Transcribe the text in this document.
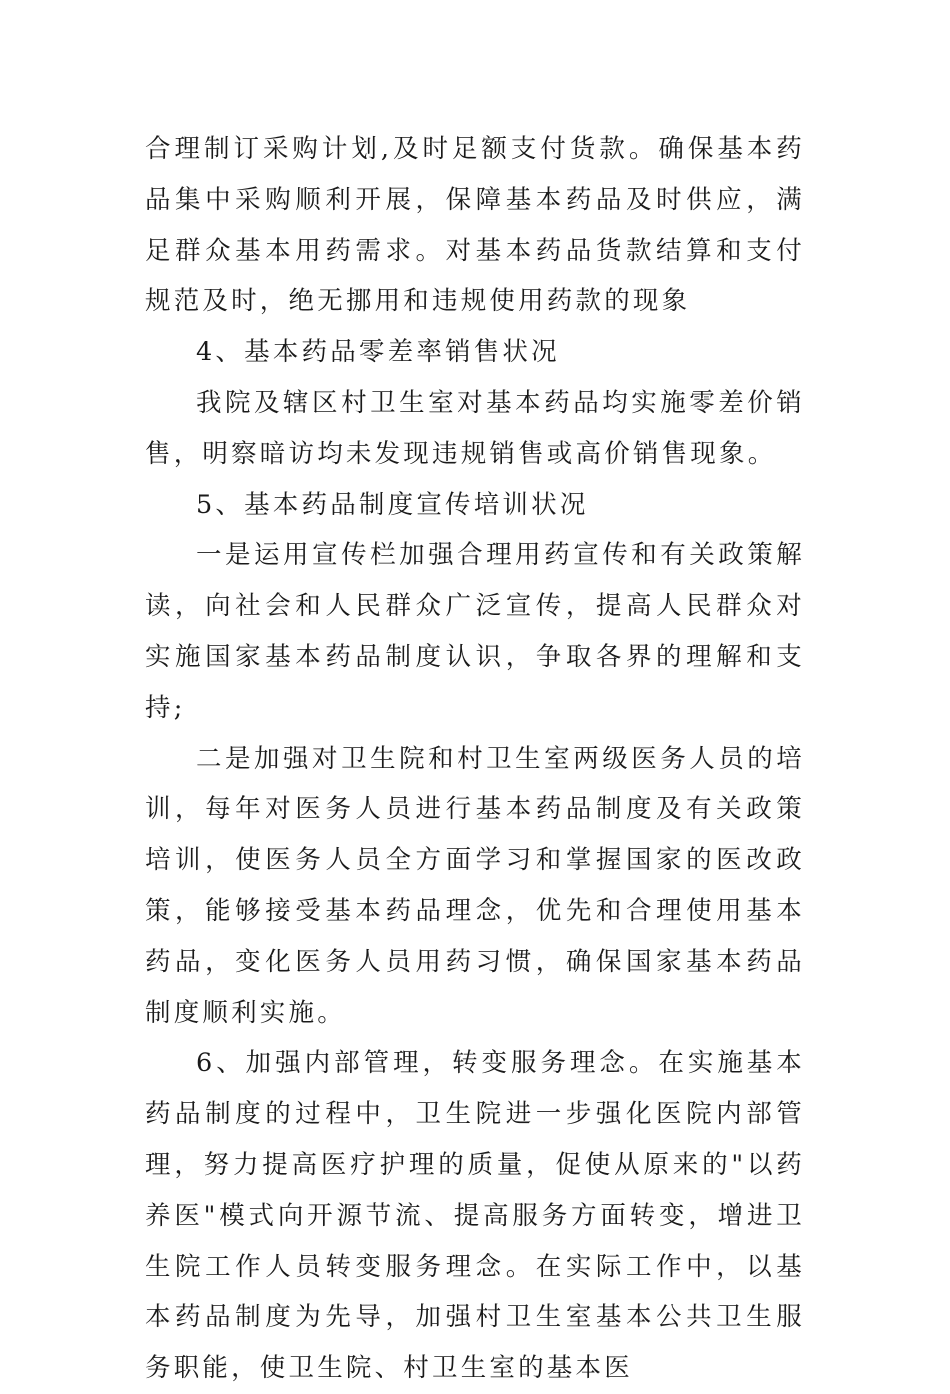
合理制订采购计划,及时足额支付货款。确保基本药品集中采购顺利开展，保障基本药品及时供应，满足群众基本用药需求。对基本药品货款结算和支付规范及时，绝无挪用和违规使用药款的现象

4、基本药品零差率销售状况

我院及辖区村卫生室对基本药品均实施零差价销售，明察暗访均未发现违规销售或高价销售现象。

5、基本药品制度宣传培训状况

一是运用宣传栏加强合理用药宣传和有关政策解读，向社会和人民群众广泛宣传，提高人民群众对实施国家基本药品制度认识，争取各界的理解和支持;

二是加强对卫生院和村卫生室两级医务人员的培训，每年对医务人员进行基本药品制度及有关政策培训，使医务人员全方面学习和掌握国家的医改政策，能够接受基本药品理念，优先和合理使用基本药品，变化医务人员用药习惯，确保国家基本药品制度顺利实施。

6、加强内部管理，转变服务理念。在实施基本药品制度的过程中，卫生院进一步强化医院内部管理，努力提高医疗护理的质量，促使从原来的"以药养医"模式向开源节流、提高服务方面转变，增进卫生院工作人员转变服务理念。在实际工作中，以基本药品制度为先导，加强村卫生室基本公共卫生服务职能，使卫生院、村卫生室的基本医
